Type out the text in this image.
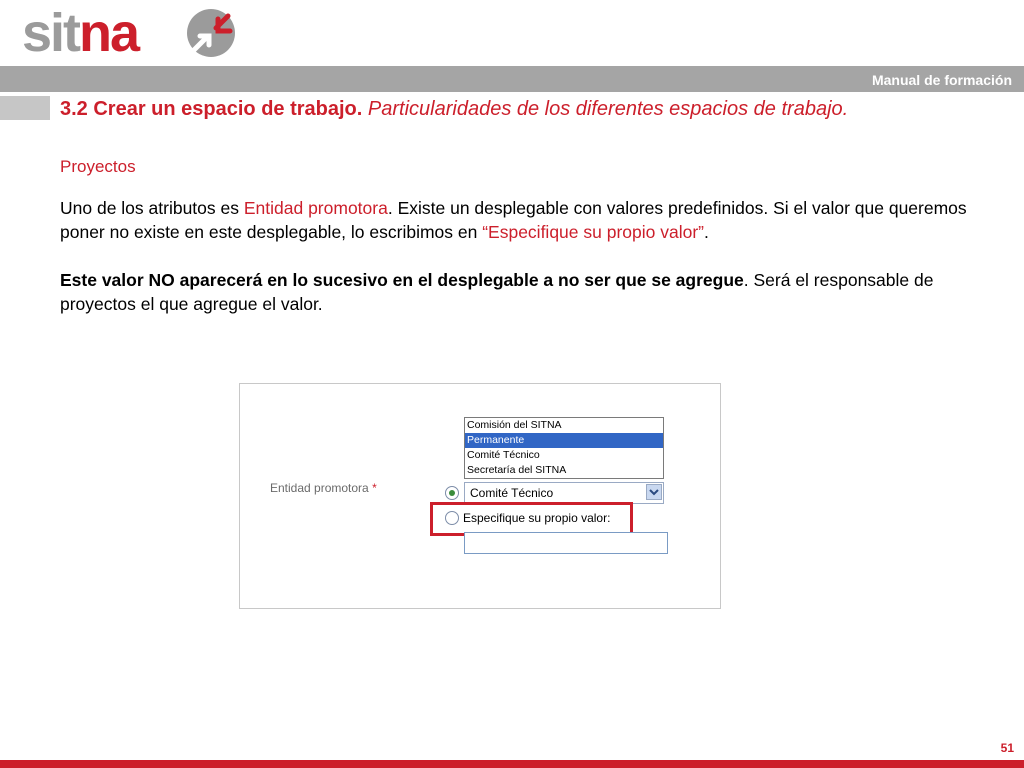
sitna
Manual de formación
3.2 Crear un espacio de trabajo. Particularidades de los diferentes espacios de trabajo.
Proyectos
Uno de los atributos es Entidad promotora. Existe un desplegable con valores predefinidos. Si el valor que queremos poner no existe en este desplegable, lo escribimos en “Especifique su propio valor”.
Este valor NO aparecerá en lo sucesivo en el desplegable a no ser que se agregue. Será el responsable de proyectos el que agregue el valor.
Entidad promotora *
Comisión del SITNA
Permanente
Comité Técnico
Secretaría del SITNA
Comité Técnico
Especifique su propio valor:
51
